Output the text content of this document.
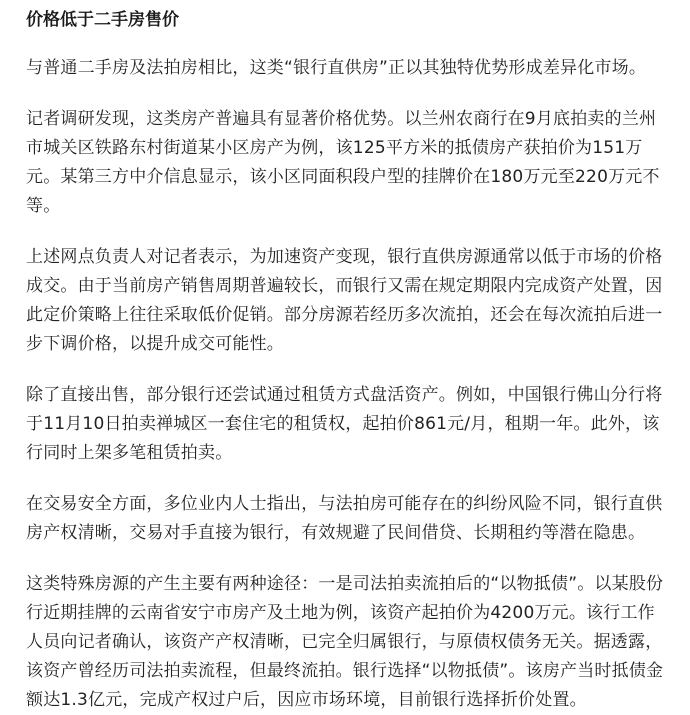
价格低于二手房售价

与普通二手房及法拍房相比，这类“银行直供房”正以其独特优势形成差异化市场。

记者调研发现，这类房产普遍具有显著价格优势。以兰州农商行在9月底拍卖的兰州市城关区铁路东村街道某小区房产为例，该125平方米的抵债房产获拍价为151万元。某第三方中介信息显示，该小区同面积段户型的挂牌价在180万元至220万元不等。

上述网点负责人对记者表示，为加速资产变现，银行直供房源通常以低于市场的价格成交。由于当前房产销售周期普遍较长，而银行又需在规定期限内完成资产处置，因此定价策略上往往采取低价促销。部分房源若经历多次流拍，还会在每次流拍后进一步下调价格，以提升成交可能性。

除了直接出售，部分银行还尝试通过租赁方式盘活资产。例如，中国银行佛山分行将于11月10日拍卖禅城区一套住宅的租赁权，起拍价861元/月，租期一年。此外，该行同时上架多笔租赁拍卖。

在交易安全方面，多位业内人士指出，与法拍房可能存在的纠纷风险不同，银行直供房产权清晰，交易对手直接为银行，有效规避了民间借贷、长期租约等潜在隐患。

这类特殊房源的产生主要有两种途径：一是司法拍卖流拍后的“以物抵债”。以某股份行近期挂牌的云南省安宁市房产及土地为例，该资产起拍价为4200万元。该行工作人员向记者确认，该资产产权清晰，已完全归属银行，与原债权债务无关。据透露，该资产曾经历司法拍卖流程，但最终流拍。银行选择“以物抵债”。该房产当时抵债金额达1.3亿元，完成产权过户后，因应市场环境，目前银行选择折价处置。
